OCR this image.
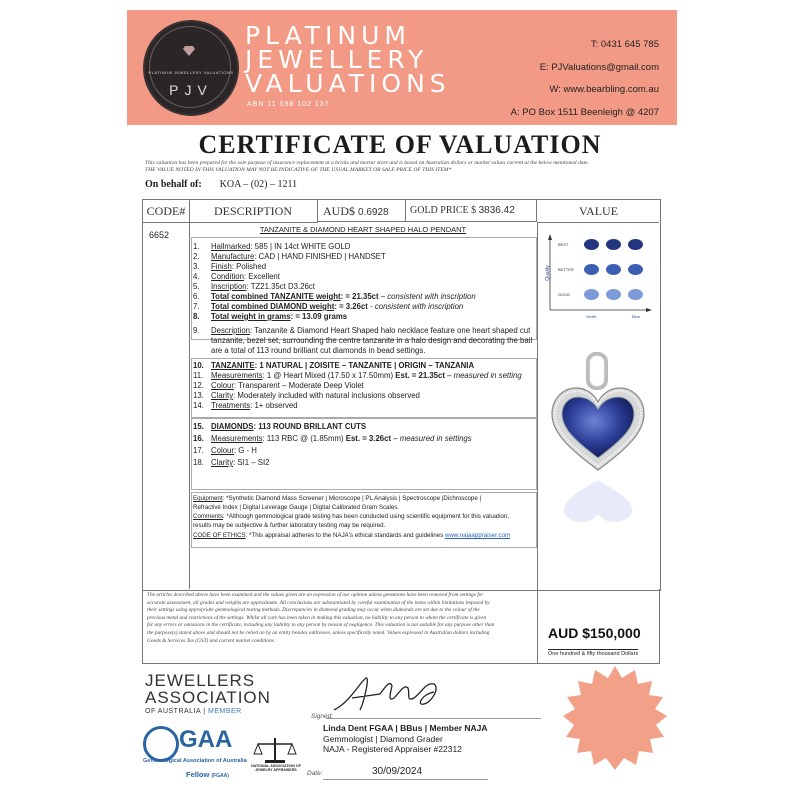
PLATINUM JEWELLERY VALUATIONS
PJV
PLATINUM
JEWELLERY
VALUATIONS
ABN 11 598 102 137
T: 0431 645 785
E: PJValuations@gmail.com
W: www.bearbling.com.au
A: PO Box 1511 Beenleigh @ 4207
CERTIFICATE OF VALUATION
This valuation has been prepared for the sole purpose of insurance replacement at a bricks and mortar store and is based on Australian dollars or market values current at the below mentioned date.
THE VALUE NOTED IN THIS VALUATION MAY NOT BE INDICATIVE OF THE USUAL MARKET OR SALE PRICE OF THIS ITEM*
On behalf of: KOA – (02) – 1211
CODE#	DESCRIPTION	AUD$ 0.6928	GOLD PRICE $ 3836.42	VALUE
6652
TANZANITE & DIAMOND HEART SHAPED HALO PENDANT
1. Hallmarked: 585 | IN 14ct WHITE GOLD
2. Manufacture: CAD | HAND FINISHED | HANDSET
3. Finish: Polished
4. Condition: Excellent
5. Inscription: TZ21.35ct D3.26ct
6. Total combined TANZANITE weight: = 21.35ct – consistent with inscription
7. Total combined DIAMOND weight: = 3.26ct - consistent with inscription
8. Total weight in grams: = 13.09 grams
9. Description: Tanzanite & Diamond Heart Shaped halo necklace feature one heart shaped cut
tanzanite, bezel set, surrounding the centre tanzanite in a halo design and decorating the bail
are a total of 113 round brilliant cut diamonds in bead settings.
10. TANZANITE: 1 NATURAL | ZOISITE – TANZANITE | ORIGIN – TANZANIA
11. Measurements: 1 @ Heart Mixed (17.50 x 17.50mm) Est. = 21.35ct – measured in setting
12. Colour: Transparent – Moderate Deep Violet
13. Clarity: Moderately included with natural inclusions observed
14. Treatments: 1+ observed
15. DIAMONDS: 113 ROUND BRILLANT CUTS
16. Measurements: 113 RBC @ (1.85mm) Est. = 3.26ct – measured in settings
17. Colour: G - H
18. Clarity: SI1 – SI2
Equipment: *Synthetic Diamond Mass Screener | Microscope | PL Analysis | Spectroscope |Dichroscope |
Refractive Index | Digital Leverage Gauge | Digital Calibrated Gram Scales.
Comments: *Although gemmological grade testing has been conducted using scientific equipment for this valuation,
results may be subjective & further laboratory testing may be required.
CODE OF ETHICS: *This appraisal adheres to the NAJA's ethical standards and guidelines www.najaappraiser.com
Quality
BEST
BETTER
GOOD
Violet	Blue
The articles described above have been examined and the values given are an expression of our opinion unless gemstones have been removed from settings for
accurate assessment, all grades and weights are approximate. All conclusions are substantiated by careful examination of the items within limitations imposed by
their settings using appropriate gemmological testing methods. Discrepancies in diamond grading may occur when diamonds are set due to the colour of the
precious metal and restrictions of the settings. Whilst all care has been taken in making this valuation, no liability to any person to whom the certificate is given
for any errors or omissions in the certificate, including any liability to any person by reason of negligence. This valuation is not suitable for any purpose other than
the purpose(s) stated above and should not be relied on by an entity besides addressee, unless specifically noted. Values expressed in Australian dollars including
Goods & Services Tax (GST) and current market conditions.	AUD $150,000
One hundred & fifty thousand Dollars
JEWELLERS
ASSOCIATION
OF AUSTRALIA | MEMBER
GAA
Gemmological Association of Australia
Fellow (FGAA)
NATIONAL ASSOCIATION OF JEWELRY APPRAISERS
Signed:
Linda Dent FGAA | BBus | Member NAJA
Gemmologist | Diamond Grader
NAJA - Registered Appraiser #22312
Date:	30/09/2024
